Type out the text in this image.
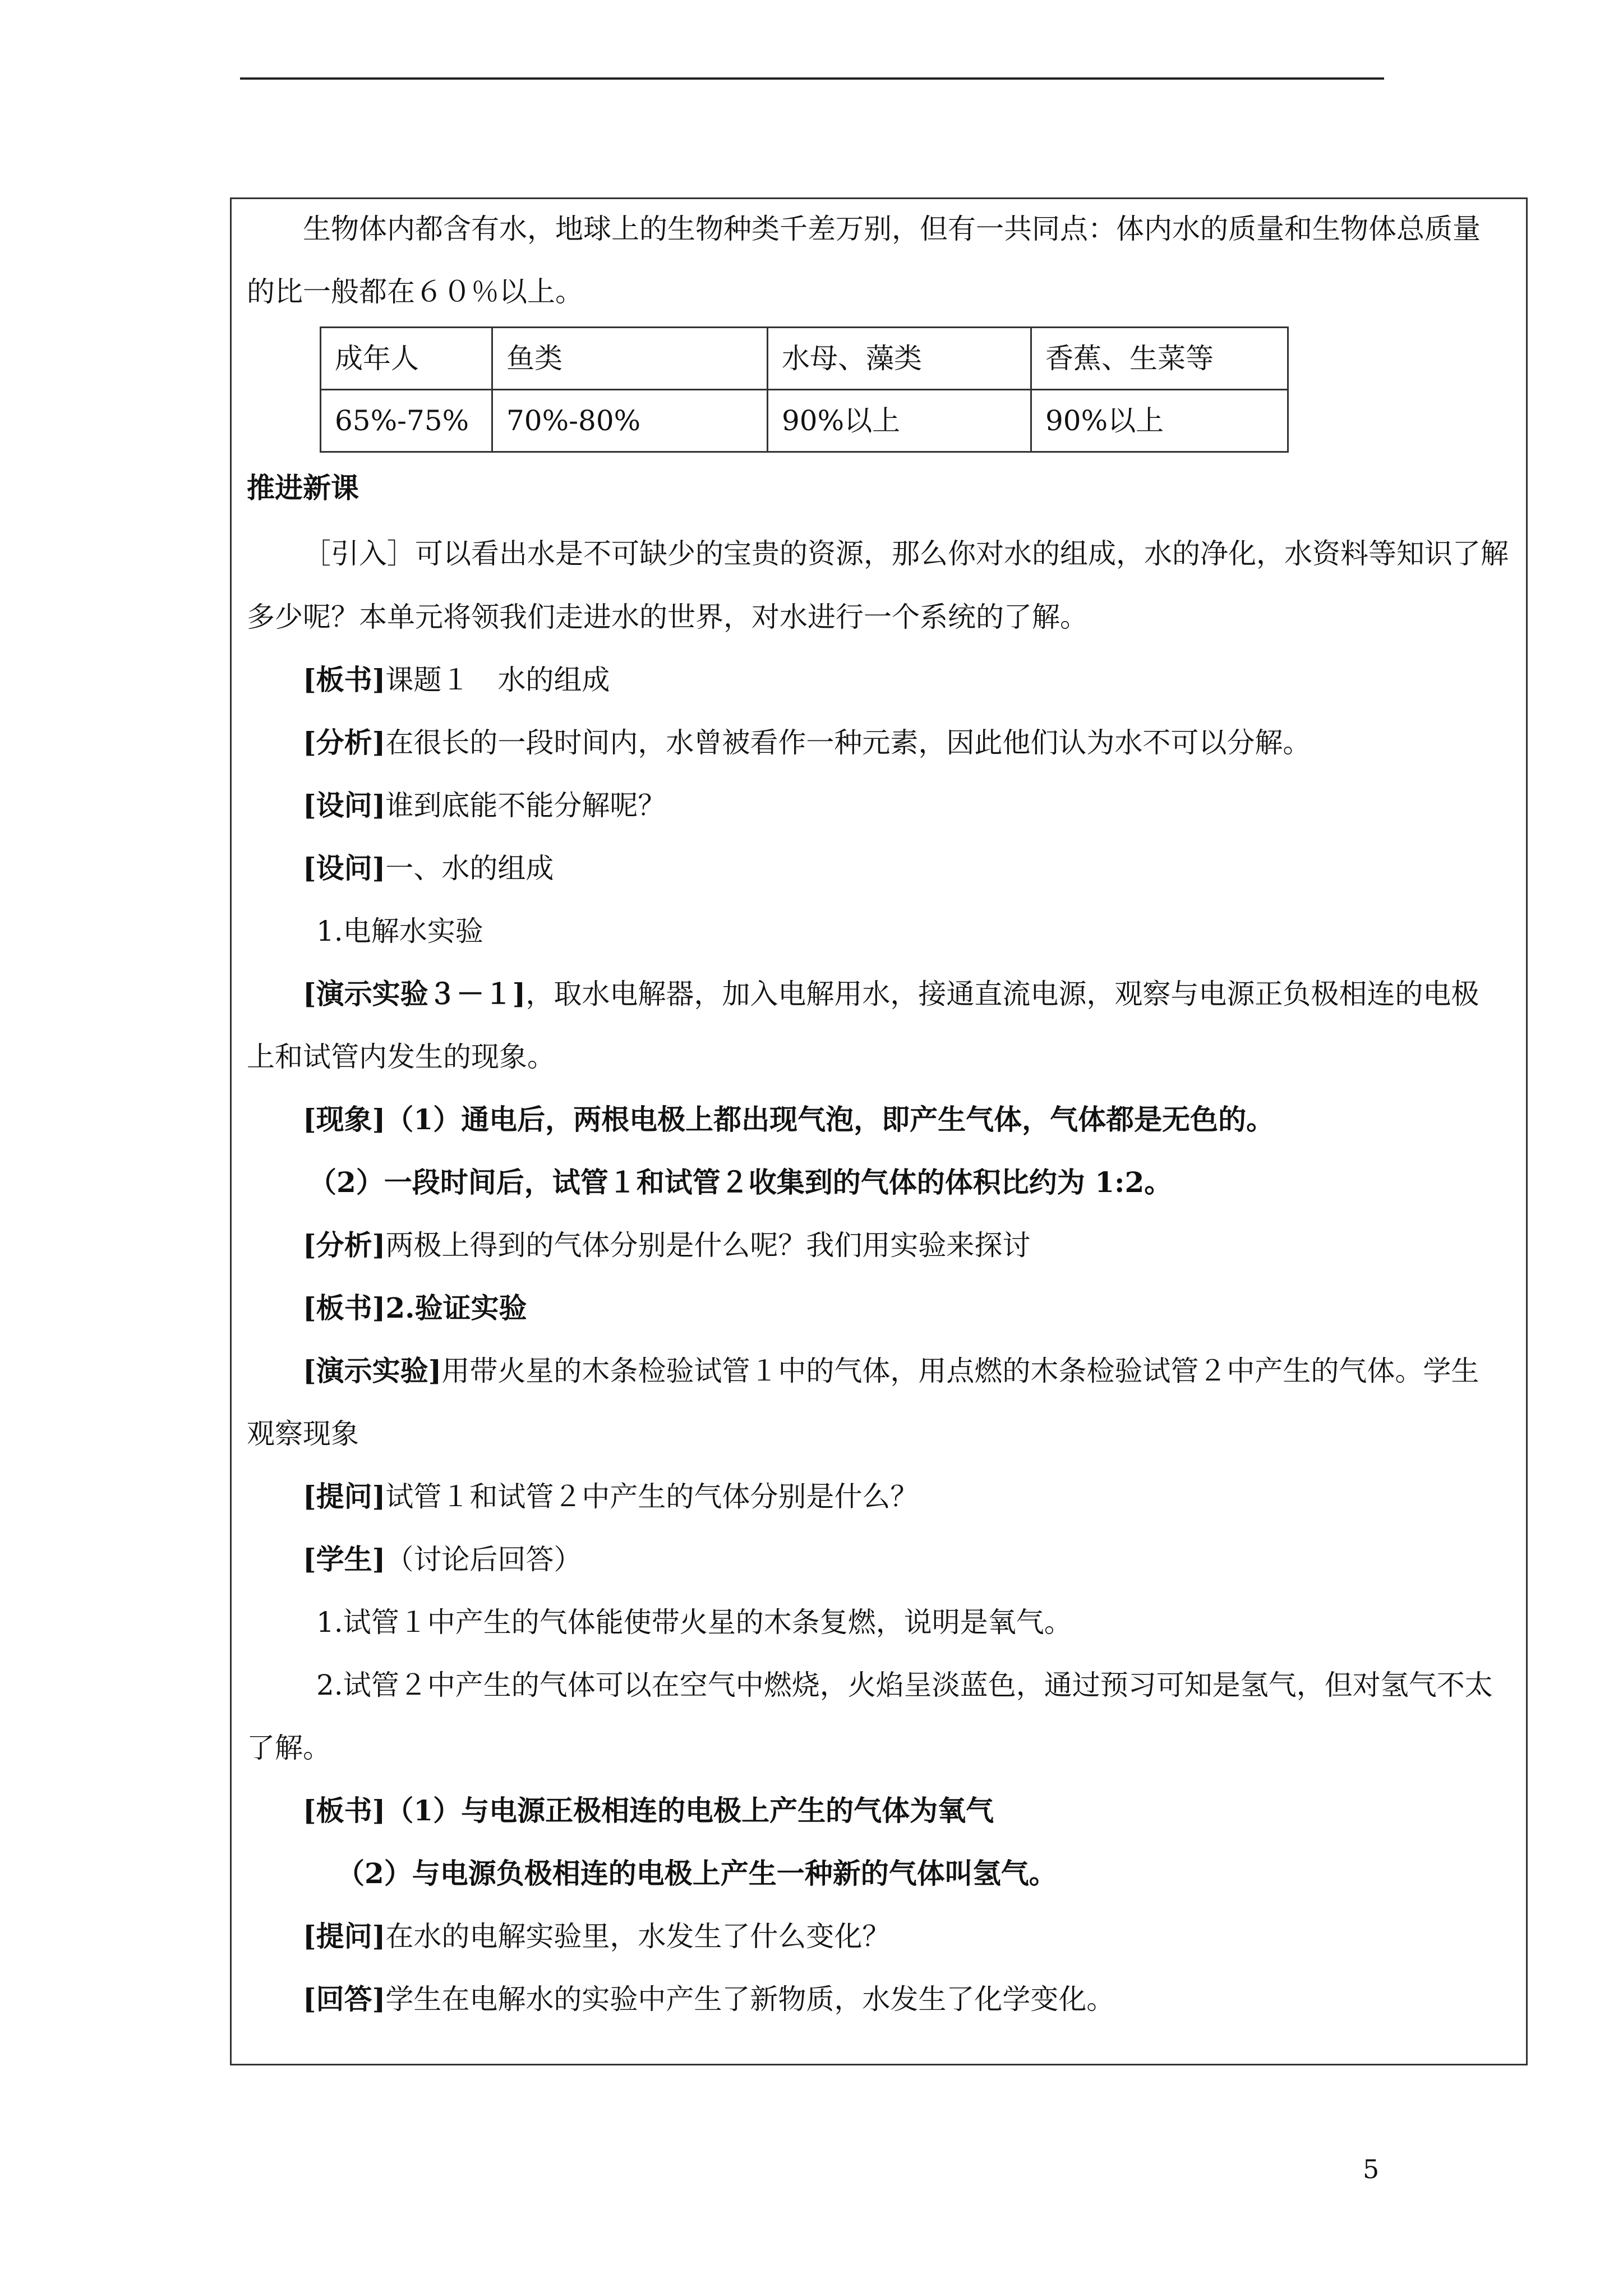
生物体内都含有水，地球上的生物种类千差万别，但有一共同点：体内水的质量和生物体总质量
的比一般都在６０％以上。
成年人	鱼类	水母、藻类	香蕉、生菜等
65%-75%	70%-80%	90%以上	90%以上
推进新课
［引入］可以看出水是不可缺少的宝贵的资源，那么你对水的组成，水的净化，水资料等知识了解
多少呢？本单元将领我们走进水的世界，对水进行一个系统的了解。
[板书]课题１　水的组成
[分析]在很长的一段时间内，水曾被看作一种元素，因此他们认为水不可以分解。
[设问]谁到底能不能分解呢？
[设问]一、水的组成
1.电解水实验
[演示实验３－１]，取水电解器，加入电解用水，接通直流电源，观察与电源正负极相连的电极
上和试管内发生的现象。
[现象]（1）通电后，两根电极上都出现气泡，即产生气体，气体都是无色的。
（2）一段时间后，试管１和试管２收集到的气体的体积比约为 1:2。
[分析]两极上得到的气体分别是什么呢？我们用实验来探讨
[板书]2.验证实验
[演示实验]用带火星的木条检验试管１中的气体，用点燃的木条检验试管２中产生的气体。学生
观察现象
[提问]试管１和试管２中产生的气体分别是什么？
[学生]（讨论后回答）
1.试管１中产生的气体能使带火星的木条复燃，说明是氧气。
2.试管２中产生的气体可以在空气中燃烧，火焰呈淡蓝色，通过预习可知是氢气，但对氢气不太
了解。
[板书]（1）与电源正极相连的电极上产生的气体为氧气
（2）与电源负极相连的电极上产生一种新的气体叫氢气。
[提问]在水的电解实验里，水发生了什么变化？
[回答]学生在电解水的实验中产生了新物质，水发生了化学变化。
5
